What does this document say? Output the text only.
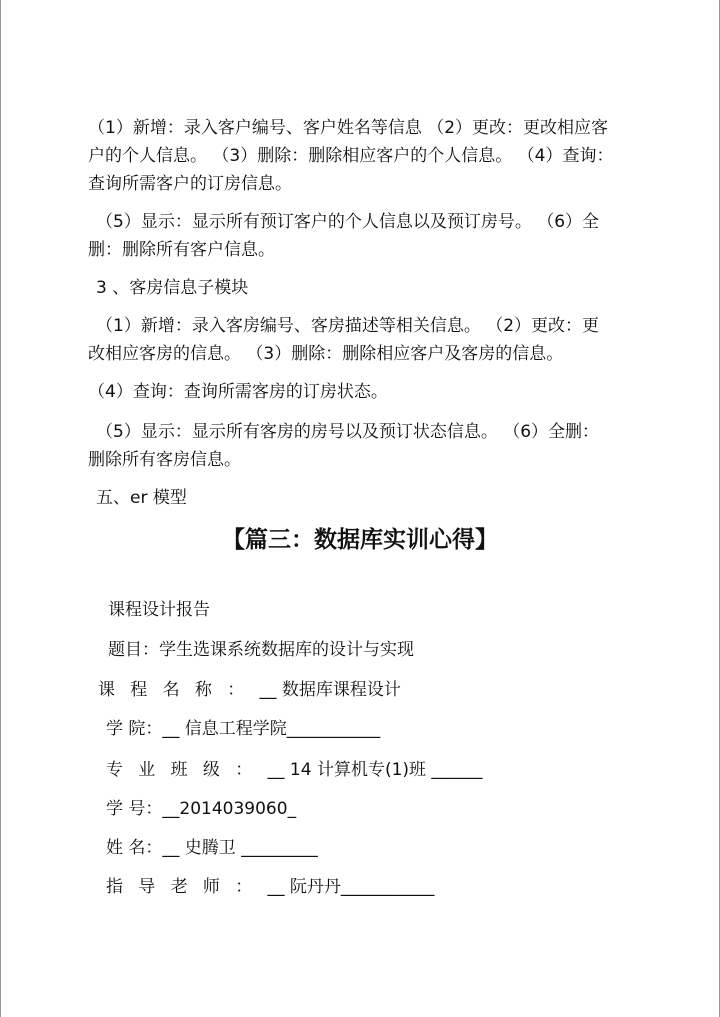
（1）新增：录入客户编号、客户姓名等信息 （2）更改：更改相应客
户的个人信息。 （3）删除：删除相应客户的个人信息。 （4）查询：
查询所需客户的订房信息。
（5）显示：显示所有预订客户的个人信息以及预订房号。 （6）全
删：删除所有客户信息。
3 、客房信息子模块
（1）新增：录入客房编号、客房描述等相关信息。 （2）更改：更
改相应客房的信息。 （3）删除：删除相应客户及客房的信息。
（4）查询：查询所需客房的订房状态。
（5）显示：显示所有客房的房号以及预订状态信息。 （6）全删：
删除所有客房信息。
五、er 模型
【篇三：数据库实训心得】
课程设计报告
题目：学生选课系统数据库的设计与实现
课程名称：__ 数据库课程设计
学 院：__ 信息工程学院___________
专业班级：__ 14 计算机专(1)班 ______
学 号：__2014039060_
姓 名：__ 史腾卫 _________
指导老师：__ 阮丹丹___________
